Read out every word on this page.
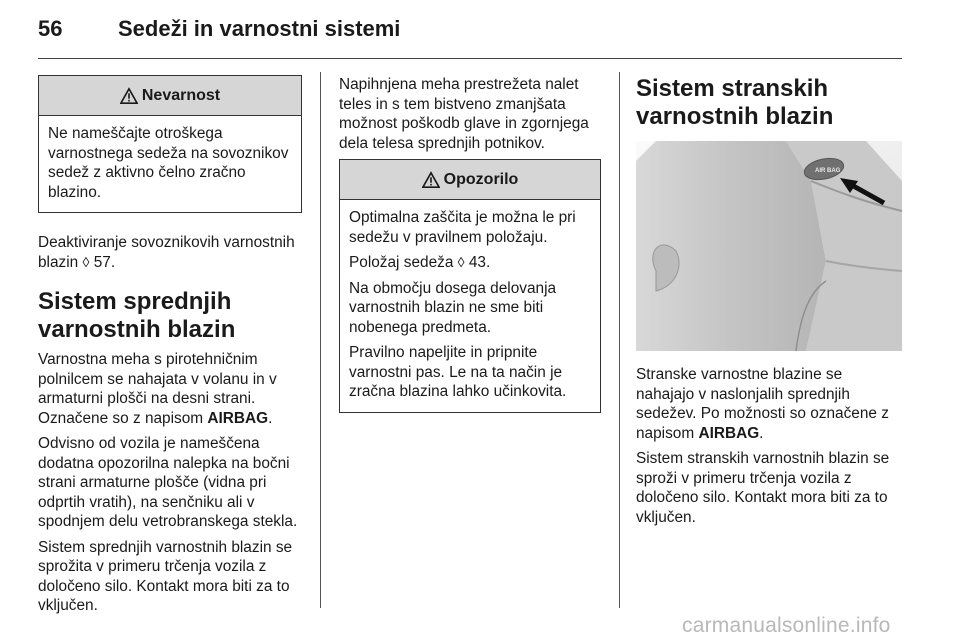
56	Sedeži in varnostni sistemi
Nevarnost

Ne nameščajte otroškega varnostnega sedeža na sovoznikov sedež z aktivno čelno zračno blazino.

Deaktiviranje sovoznikovih varnostnih blazin ◊ 57.

Sistem sprednjih varnostnih blazin

Varnostna meha s pirotehničnim polnilcem se nahajata v volanu in v armaturni plošči na desni strani. Označene so z napisom AIRBAG.

Odvisno od vozila je nameščena dodatna opozorilna nalepka na bočni strani armaturne plošče (vidna pri odprtih vratih), na senčniku ali v spodnjem delu vetrobranskega stekla.

Sistem sprednjih varnostnih blazin se sprožita v primeru trčenja vozila z določeno silo. Kontakt mora biti za to vključen.

Napihnjena meha prestrežeta nalet teles in s tem bistveno zmanjšata možnost poškodb glave in zgornjega dela telesa sprednjih potnikov.

Opozorilo

Optimalna zaščita je možna le pri sedežu v pravilnem položaju.

Položaj sedeža ◊ 43.

Na območju dosega delovanja varnostnih blazin ne sme biti nobenega predmeta.

Pravilno napeljite in pripnite varnostni pas. Le na ta način je zračna blazina lahko učinkovita.

Sistem stranskih varnostnih blazin
AIR BAG

Stranske varnostne blazine se nahajajo v naslonjalih sprednjih sedežev. Po možnosti so označene z napisom AIRBAG.

Sistem stranskih varnostnih blazin se sproži v primeru trčenja vozila z določeno silo. Kontakt mora biti za to vključen.

carmanualsonline.info
